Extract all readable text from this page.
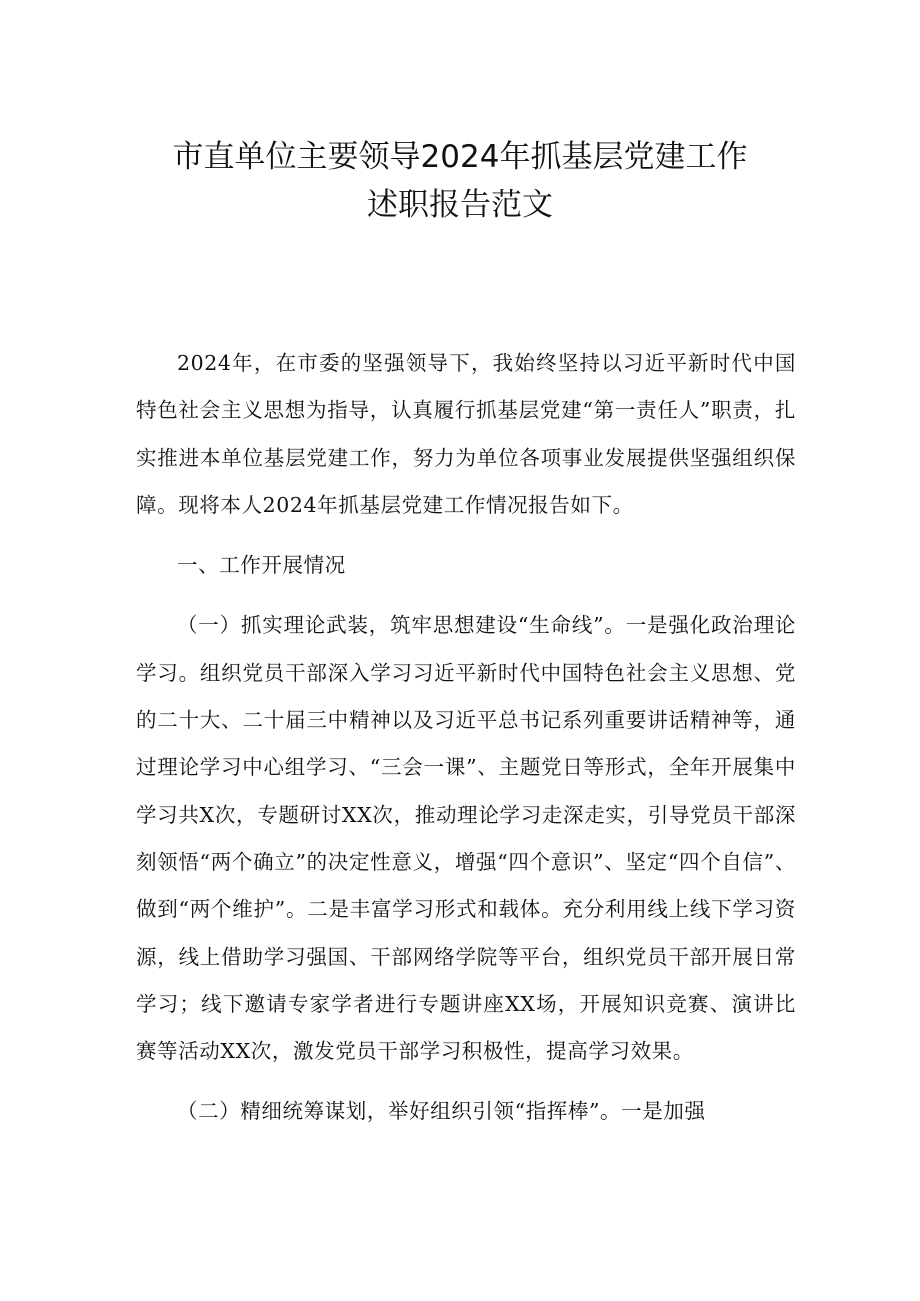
市直单位主要领导2024年抓基层党建工作
述职报告范文

2024年，在市委的坚强领导下，我始终坚持以习近平新时代中国特色社会主义思想为指导，认真履行抓基层党建“第一责任人”职责，扎实推进本单位基层党建工作，努力为单位各项事业发展提供坚强组织保障。现将本人2024年抓基层党建工作情况报告如下。

一、工作开展情况

（一）抓实理论武装，筑牢思想建设“生命线”。一是强化政治理论学习。组织党员干部深入学习习近平新时代中国特色社会主义思想、党的二十大、二十届三中精神以及习近平总书记系列重要讲话精神等，通过理论学习中心组学习、“三会一课”、主题党日等形式，全年开展集中学习共X次，专题研讨XX次，推动理论学习走深走实，引导党员干部深刻领悟“两个确立”的决定性意义，增强“四个意识”、坚定“四个自信”、做到“两个维护”。二是丰富学习形式和载体。充分利用线上线下学习资源，线上借助学习强国、干部网络学院等平台，组织党员干部开展日常学习；线下邀请专家学者进行专题讲座XX场，开展知识竞赛、演讲比赛等活动XX次，激发党员干部学习积极性，提高学习效果。

（二）精细统筹谋划，举好组织引领“指挥棒”。一是加强
